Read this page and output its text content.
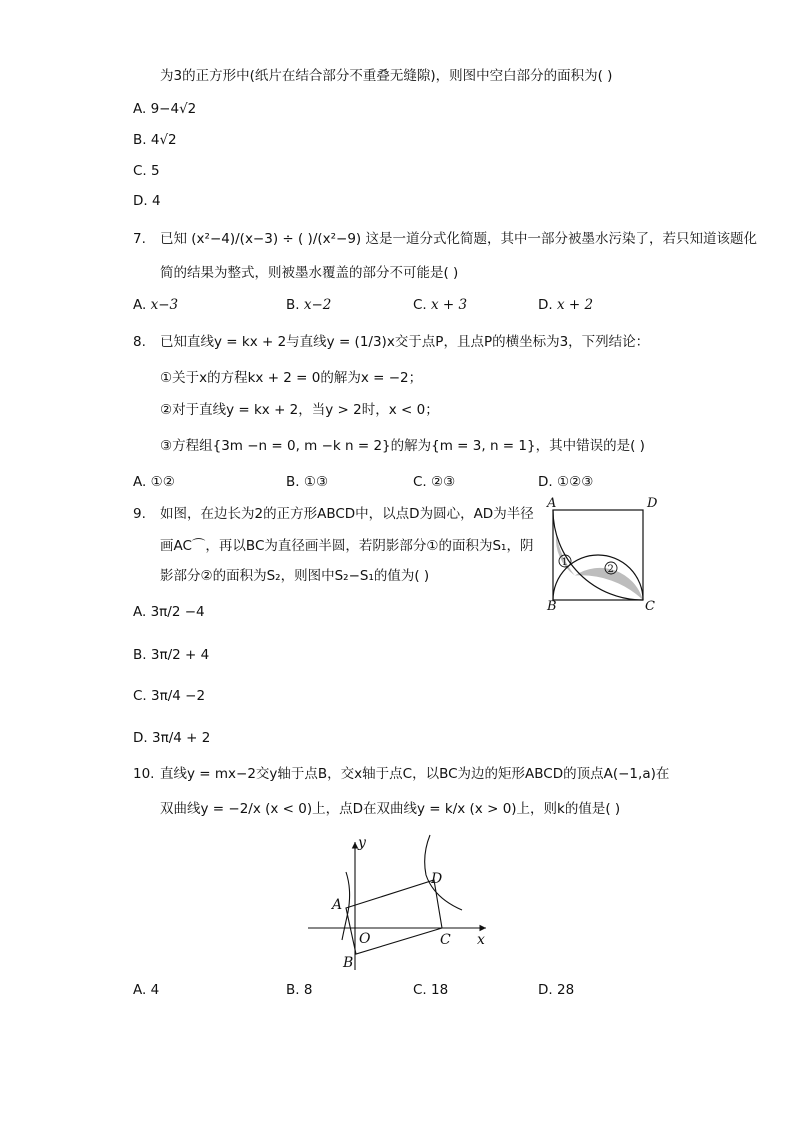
为3的正方形中(纸片在结合部分不重叠无缝隙)，则图中空白部分的面积为( )
A. 9−4√2
B. 4√2
C. 5
D. 4
7. 已知 (x²−4)/(x−3) ÷ ( )/(x²−9) 这是一道分式化简题，其中一部分被墨水污染了，若只知道该题化
简的结果为整式，则被墨水覆盖的部分不可能是( )
A. x−3	B. x−2	C. x + 3	D. x + 2
8. 已知直线y = kx + 2与直线y = (1/3)x交于点P，且点P的横坐标为3，下列结论：
①关于x的方程kx + 2 = 0的解为x = −2；
②对于直线y = kx + 2，当y > 2时，x < 0；
③方程组{3m −n = 0, m −k n = 2}的解为{m = 3, n = 1}，其中错误的是( )
A. ①②	B. ①③	C. ②③	D. ①②③
9. 如图，在边长为2的正方形ABCD中，以点D为圆心，AD为半径
画AC⌒，再以BC为直径画半圆，若阴影部分①的面积为S₁，阴
影部分②的面积为S₂，则图中S₂−S₁的值为( )
A. 3π/2 −4
B. 3π/2 + 4
C. 3π/4 −2
D. 3π/4 + 2
A	D
B	C
1
2
10. 直线y = mx−2交y轴于点B，交x轴于点C，以BC为边的矩形ABCD的顶点A(−1,a)在
双曲线y = −2/x (x < 0)上，点D在双曲线y = k/x (x > 0)上，则k的值是( )
y
x
O
A
B
C
D
A. 4	B. 8	C. 18	D. 28
